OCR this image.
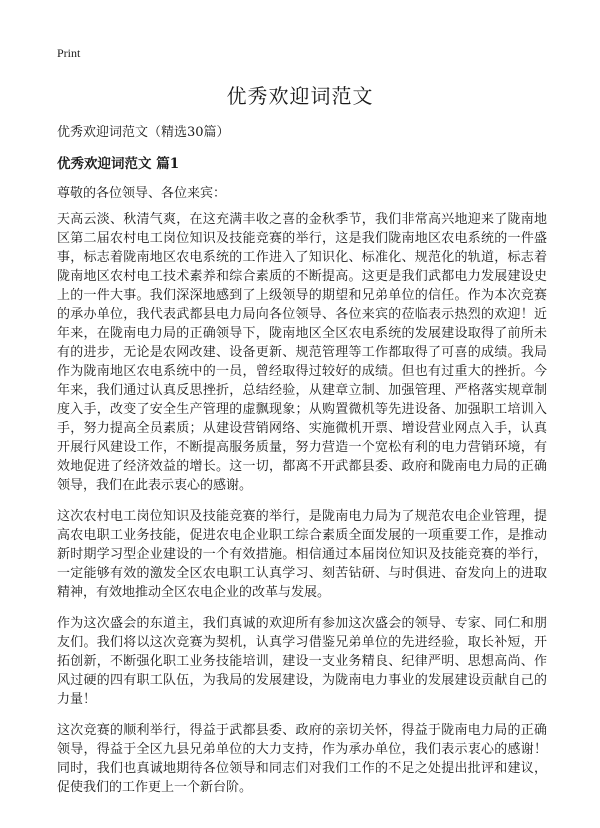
Print
优秀欢迎词范文

优秀欢迎词范文（精选30篇）

优秀欢迎词范文 篇1

尊敬的各位领导、各位来宾：

天高云淡、秋清气爽，在这充满丰收之喜的金秋季节，我们非常高兴地迎来了陇南地区第二届农村电工岗位知识及技能竞赛的举行，这是我们陇南地区农电系统的一件盛事，标志着陇南地区农电系统的工作进入了知识化、标准化、规范化的轨道，标志着陇南地区农村电工技术素养和综合素质的不断提高。这更是我们武都电力发展建设史上的一件大事。我们深深地感到了上级领导的期望和兄弟单位的信任。作为本次竞赛的承办单位，我代表武都县电力局向各位领导、各位来宾的莅临表示热烈的欢迎！近年来，在陇南电力局的正确领导下，陇南地区全区农电系统的发展建设取得了前所未有的进步，无论是农网改建、设备更新、规范管理等工作都取得了可喜的成绩。我局作为陇南地区农电系统中的一员，曾经取得过较好的成绩。但也有过重大的挫折。今年来，我们通过认真反思挫折，总结经验，从建章立制、加强管理、严格落实规章制度入手，改变了安全生产管理的虚飘现象；从购置微机等先进设备、加强职工培训入手，努力提高全员素质；从建设营销网络、实施微机开票、增设营业网点入手，认真开展行风建设工作，不断提高服务质量，努力营造一个宽松有利的电力营销环境，有效地促进了经济效益的增长。这一切，都离不开武都县委、政府和陇南电力局的正确领导，我们在此表示衷心的感谢。

这次农村电工岗位知识及技能竞赛的举行，是陇南电力局为了规范农电企业管理，提高农电职工业务技能，促进农电企业职工综合素质全面发展的一项重要工作，是推动新时期学习型企业建设的一个有效措施。相信通过本届岗位知识及技能竞赛的举行，一定能够有效的激发全区农电职工认真学习、刻苦钻研、与时俱进、奋发向上的进取精神，有效地推动全区农电企业的改革与发展。

作为这次盛会的东道主，我们真诚的欢迎所有参加这次盛会的领导、专家、同仁和朋友们。我们将以这次竞赛为契机，认真学习借鉴兄弟单位的先进经验，取长补短，开拓创新，不断强化职工业务技能培训，建设一支业务精良、纪律严明、思想高尚、作风过硬的四有职工队伍，为我局的发展建设，为陇南电力事业的发展建设贡献自己的力量！

这次竞赛的顺利举行，得益于武都县委、政府的亲切关怀，得益于陇南电力局的正确领导，得益于全区九县兄弟单位的大力支持，作为承办单位，我们表示衷心的感谢！同时，我们也真诚地期待各位领导和同志们对我们工作的不足之处提出批评和建议，促使我们的工作更上一个新台阶。
